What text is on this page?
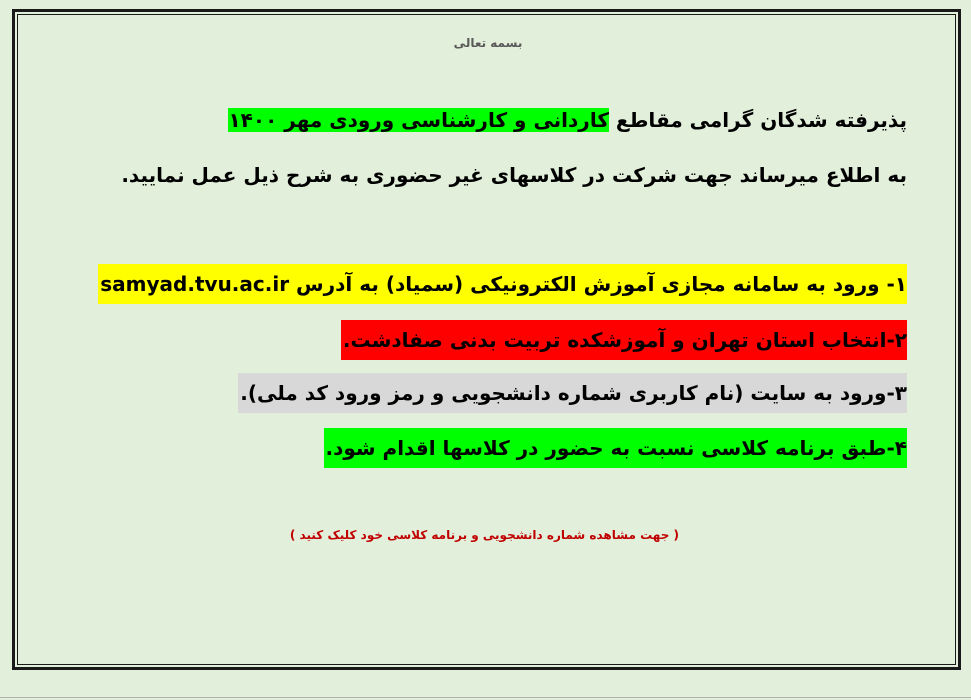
بسمه تعالی
پذیرفته شدگان گرامی مقاطع کاردانی و کارشناسی ورودی مهر ۱۴۰۰
به اطلاع میرساند جهت شرکت در کلاسهای غیر حضوری به شرح ذیل عمل نمایید.
۱- ورود به سامانه مجازی آموزش الکترونیکی (سمیاد) به آدرس samyad.tvu.ac.ir
۲-انتخاب استان تهران و آموزشکده تربیت بدنی صفادشت.
۳-ورود به سایت (نام کاربری شماره دانشجویی و رمز ورود کد ملی).
۴-طبق برنامه کلاسی نسبت به حضور در کلاسها اقدام شود.
( جهت مشاهده شماره دانشجویی و برنامه کلاسی خود کلیک کنید )
